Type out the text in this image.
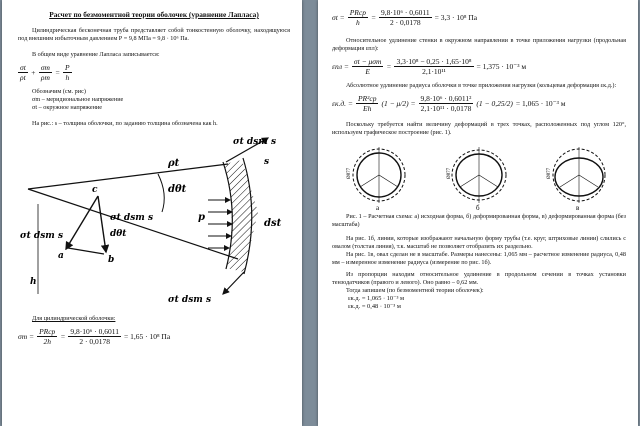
Расчет по безмоментной теории оболочек (уравнение Лапласа)
Цилиндрическая бесконечная труба представляет собой тонкостенную оболочку, находящуюся под внешним избыточным давлением Р = 9,8 МПа = 9,8 · 10⁶ Па.
В общем виде уравнение Лапласа записывается:
$\frac{\sigma t}{\rho t} + \frac{\sigma m}{\rho m} = \frac{P}{h}$
Обозначим (см. рис)
σm – меридиональное напряжение
σt – окружное напряжение
На рис.: s – толщина оболочки, по заданию толщина обозначена как h.
σt dsm s
s
ρt
dθt
c
p
dst
σt dsm s
dθt
σt dsm s
a	b
h
σt dsm s
Для цилиндрической оболочки:
$\sigma m = \frac{\text{PRср}}{2h} = \frac{\text{9,8·10⁶ · 0,6011}}{2 \cdot 0,0178} = 1,65 \cdot 10^8$ Па
$\sigma t = \frac{\text{PRср}}{h} = \frac{\text{9,8·10⁶ · 0,6011}}{2 \cdot 0,0178} = 3,3 \cdot 10^8$ Па
Относительное удлинение стенки в окружном направлении в точке приложения нагрузки (продольная деформация εпл):
$\varepsilon пл = \frac{\text{σt − μσm}}{E} = \frac{\text{3,3·10⁸ − 0,25 · 1,65·10⁸}}{\text{2,1·10¹¹}} = 1,375 \cdot 10^{-3}$ м
Абсолютное удлинение радиуса оболочки в точке приложения нагрузки (кольцевая деформация εк.д.):
εк.д. = $\frac{\text{PR²ср}}{Eh} (1 - \mu/2) = \frac{\text{9,8·10⁶ · 0,6011²}}{\text{2,1·10¹¹ · 0,0178}} (1 - 0,25/2) = 1,065 \cdot 10^{-3}$ м
Поскольку требуется найти величину деформаций в трех точках, расположенных под углом 120°, используем графическое построение (рис. 1).
Ø877
а
Ø877
б
Ø877
в
Рис. 1 – Расчетная схема: а) исходная форма, б) деформированная форма, в) деформированная форма (без масштаба)
На рис. 1б, линии, которые изображают начальную форму трубы (т.е. круг, штриховые линии) слились с овалом (толстая линия), т.к. масштаб не позволяет отобразить их раздельно.
На рис. 1в, овал сделан не в масштабе. Размеры нанесены: 1,065 мм – расчетное изменение радиуса, 0,48 мм – измеренное изменение радиуса (измерение по рис. 1б).
Из пропорции находим относительное удлинение в продольном сечении в точках установки тензодатчиков (правого и левого). Оно равно – 0,62 мм.
Тогда запишем (по безмоментной теории оболочек):
εк.д. = 1,065 · 10⁻³ м
εк.д. = 0,48 · 10⁻³ м
